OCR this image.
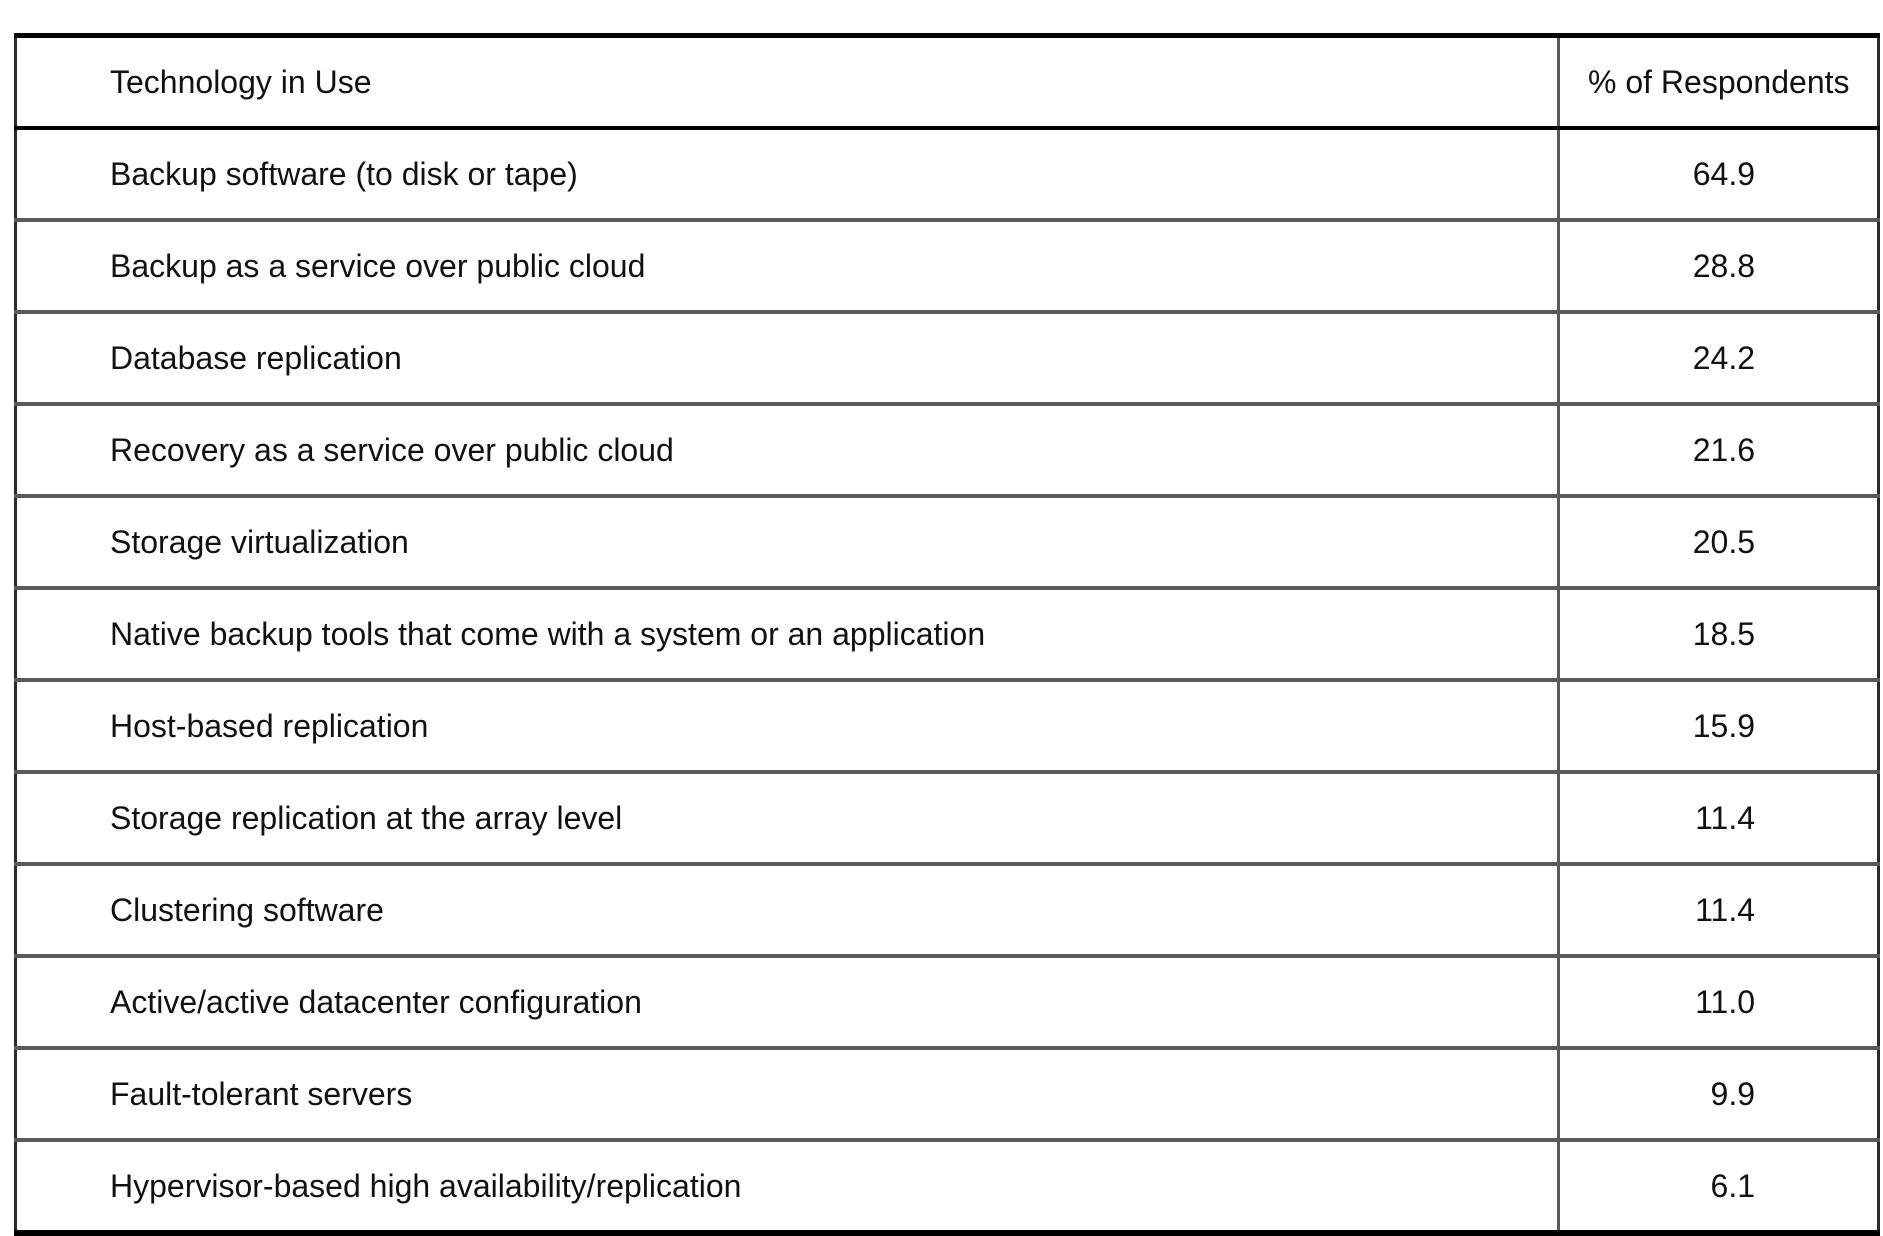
Technology in Use	% of Respondents
Backup software (to disk or tape)	64.9
Backup as a service over public cloud	28.8
Database replication	24.2
Recovery as a service over public cloud	21.6
Storage virtualization	20.5
Native backup tools that come with a system or an application	18.5
Host-based replication	15.9
Storage replication at the array level	11.4
Clustering software	11.4
Active/active datacenter configuration	11.0
Fault-tolerant servers	9.9
Hypervisor-based high availability/replication	6.1
